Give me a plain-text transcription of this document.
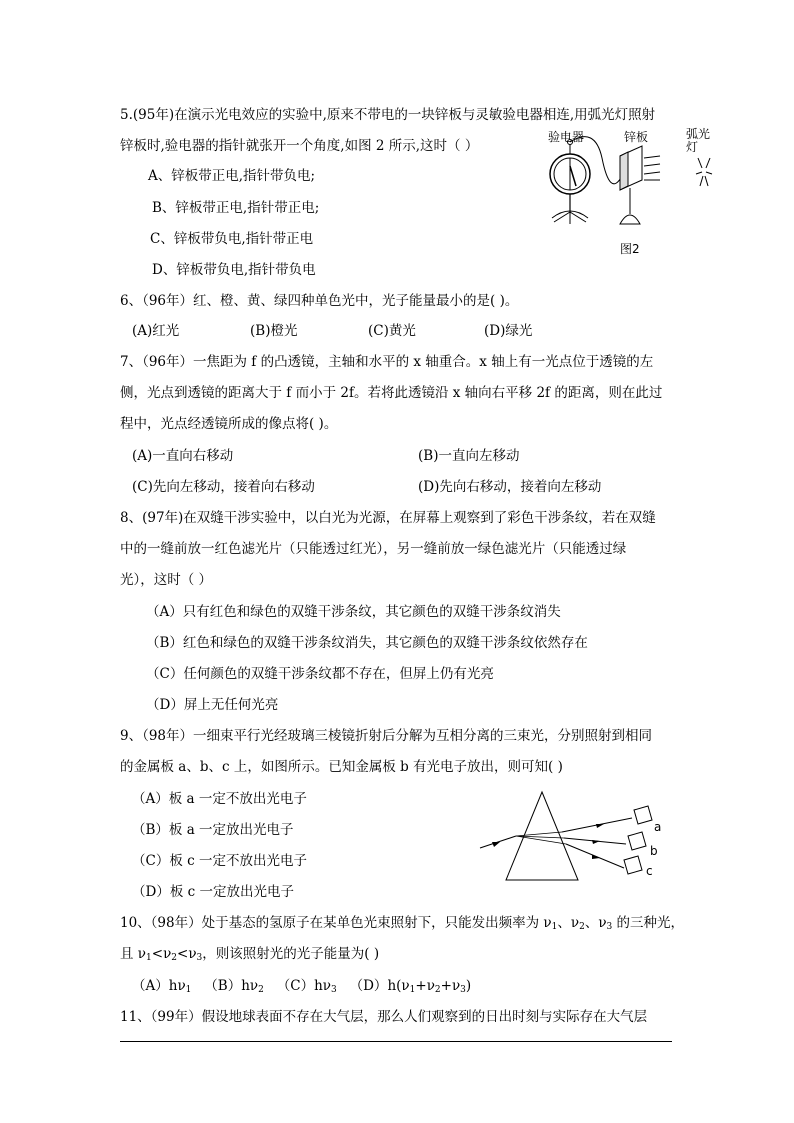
5.(95年)在演示光电效应的实验中,原来不带电的一块锌板与灵敏验电器相连,用弧光灯照射
锌板时,验电器的指针就张开一个角度,如图 2 所示,这时（ ）
A、锌板带正电,指针带负电;
B、锌板带正电,指针带正电;
C、锌板带负电,指针带正电
D、锌板带负电,指针带负电
验电器	锌板	弧光灯
图2
6、（96年）红、橙、黄、绿四种单色光中，光子能量最小的是( )。
(A)红光	(B)橙光	(C)黄光	(D)绿光
7、（96年）一焦距为 f 的凸透镜，主轴和水平的 x 轴重合。x 轴上有一光点位于透镜的左
侧，光点到透镜的距离大于 f 而小于 2f。若将此透镜沿 x 轴向右平移 2f 的距离，则在此过
程中，光点经透镜所成的像点将( )。
(A)一直向右移动	(B)一直向左移动
(C)先向左移动，接着向右移动	(D)先向右移动，接着向左移动
8、(97年)在双缝干涉实验中，以白光为光源，在屏幕上观察到了彩色干涉条纹，若在双缝
中的一缝前放一红色滤光片（只能透过红光），另一缝前放一绿色滤光片（只能透过绿
光），这时（ ）
（A）只有红色和绿色的双缝干涉条纹，其它颜色的双缝干涉条纹消失
（B）红色和绿色的双缝干涉条纹消失，其它颜色的双缝干涉条纹依然存在
（C）任何颜色的双缝干涉条纹都不存在，但屏上仍有光亮
（D）屏上无任何光亮
9、（98年）一细束平行光经玻璃三棱镜折射后分解为互相分离的三束光，分别照射到相同
的金属板 a、b、c 上，如图所示。已知金属板 b 有光电子放出，则可知( )
（A）板 a 一定不放出光电子
（B）板 a 一定放出光电子
（C）板 c 一定不放出光电子
（D）板 c 一定放出光电子
a
b
c
10、（98年）处于基态的氢原子在某单色光束照射下，只能发出频率为 $\nu_1$、$\nu_2$、$\nu_3$ 的三种光，
且 $\nu_1<\nu_2<\nu_3$，则该照射光的光子能量为( )
$(A)h\nu_1$ $(B)h\nu_2$ $(C)h\nu_3$ $(D)h(\nu_1+\nu_2+\nu_3)$
11、（99年）假设地球表面不存在大气层，那么人们观察到的日出时刻与实际存在大气层
